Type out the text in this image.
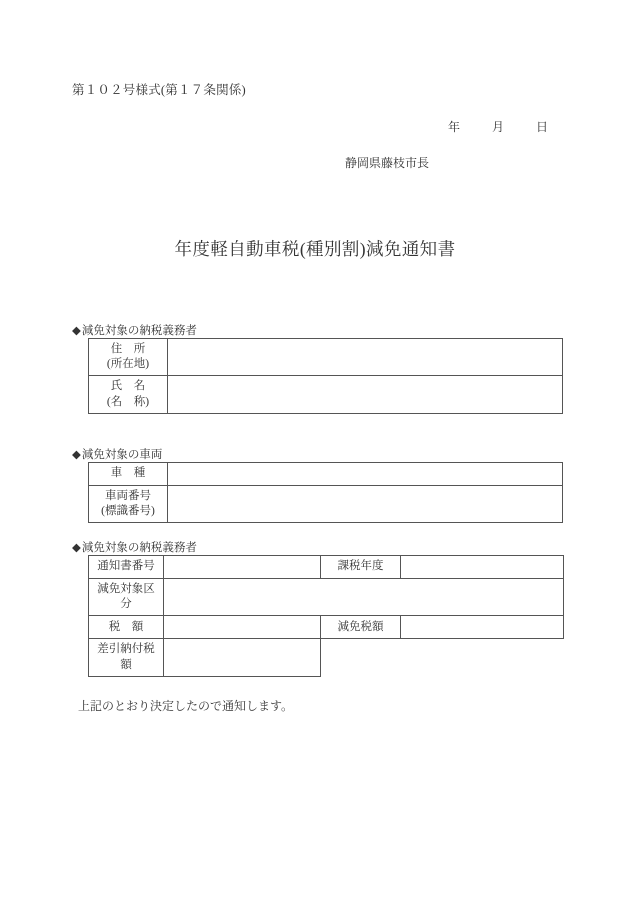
第１０２号様式(第１７条関係)
年	月	日
静岡県藤枝市長
年度軽自動車税(種別割)減免通知書
◆減免対象の納税義務者
住　所
(所在地)	

氏　名
(名　称)	

◆減免対象の車両
車　種	

車両番号
(標識番号)	

◆減免対象の納税義務者
通知書番号		課税年度	

減免対象区
分			

税　額		減免税額	

差引納付税
額			

上記のとおり決定したので通知します。
